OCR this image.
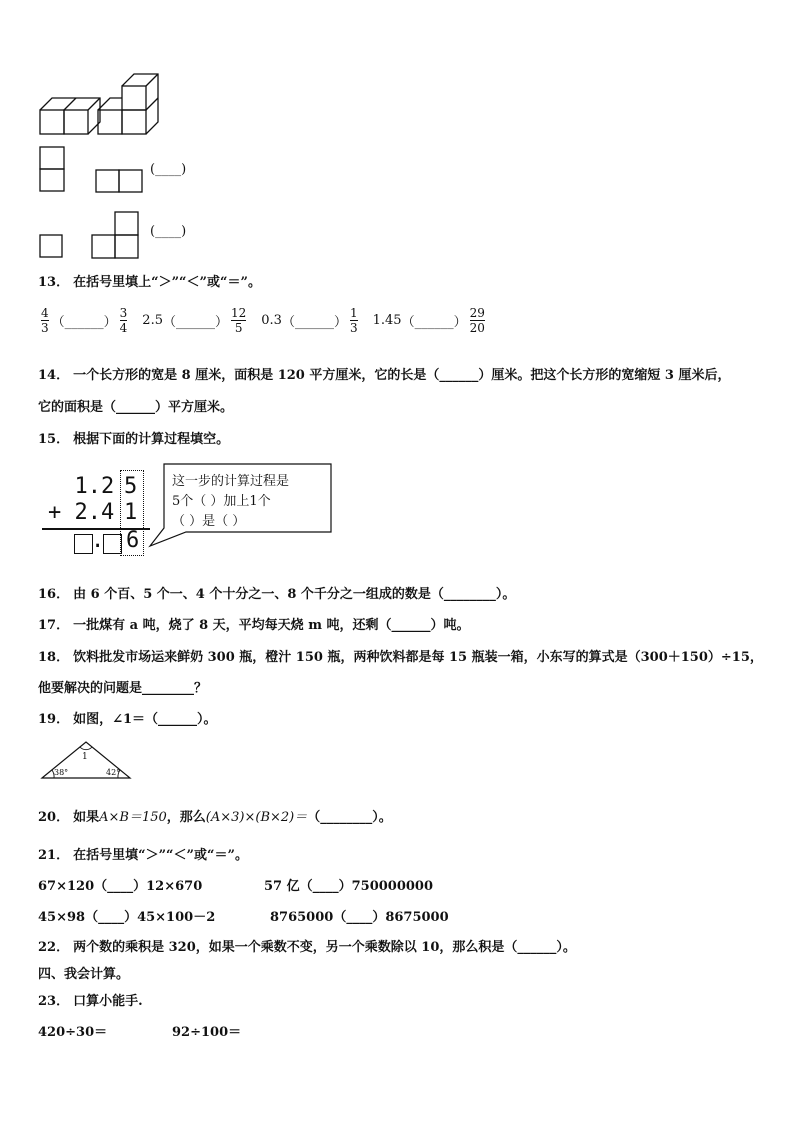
(____)
(____)
13． 在括号里填上“＞”“＜”或“＝”。
$\frac{4}{3}$ （______） $\frac{3}{4} 2.5$ （______） $\frac{12}{5} 0.3$ （______） $\frac{1}{3} 1.45$ （______） $\frac{29}{20}$
14． 一个长方形的宽是 8 厘米，面积是 120 平方厘米，它的长是（______）厘米。把这个长方形的宽缩短 3 厘米后，
它的面积是（______）平方厘米。
15． 根据下面的计算过程填空。
1.2 5
+ 2.4 1
. 6
这一步的计算过程是
5个（ ）加上1个
（ ）是（ ）
16． 由 6 个百、5 个一、4 个十分之一、8 个千分之一组成的数是（________）。
17． 一批煤有 a 吨，烧了 8 天，平均每天烧 m 吨，还剩（______）吨。
18． 饮料批发市场运来鲜奶 300 瓶，橙汁 150 瓶，两种饮料都是每 15 瓶装一箱，小东写的算式是（300＋150）÷15，
他要解决的问题是________？
19． 如图，∠1＝（______）。
1
38°	42°
20． 如果A×B＝150，那么(A×3)×(B×2)＝（________）。
21． 在括号里填“＞”“＜”或“＝”。
67×120（____）12×670	57 亿（____）750000000
45×98（____）45×100－2	8765000（____）8675000
22． 两个数的乘积是 320，如果一个乘数不变，另一个乘数除以 10，那么积是（______）。
四、我会计算。
23． 口算小能手.
420÷30＝	92÷100＝
